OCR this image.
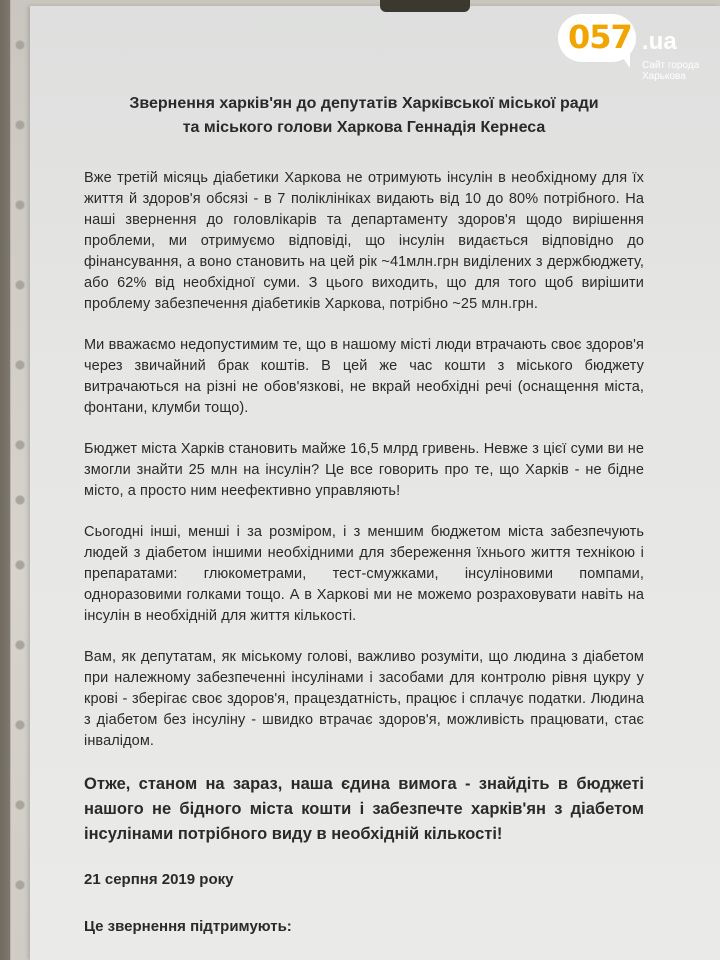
Звернення харків'ян до депутатів Харківської міської ради
та міського голови Харкова Геннадія Кернеса

Вже третій місяць діабетики Харкова не отримують інсулін в необхідному для їх життя й здоров'я обсязі - в 7 поліклініках видають від 10 до 80% потрібного. На наші звернення до головлікарів та департаменту здоров'я щодо вирішення проблеми, ми отримуємо відповіді, що інсулін видається відповідно до фінансування, а воно становить на цей рік ~41млн.грн виділених з держбюджету, або 62% від необхідної суми. З цього виходить, що для того щоб вирішити проблему забезпечення діабетиків Харкова, потрібно ~25 млн.грн.

Ми вважаємо недопустимим те, що в нашому місті люди втрачають своє здоров'я через звичайний брак коштів. В цей же час кошти з міського бюджету витрачаються на різні не обов'язкові, не вкрай необхідні речі (оснащення міста, фонтани, клумби тощо).

Бюджет міста Харків становить майже 16,5 млрд гривень. Невже з цієї суми ви не змогли знайти 25 млн на інсулін? Це все говорить про те, що Харків - не бідне місто, а просто ним неефективно управляють!

Сьогодні інші, менші і за розміром, і з меншим бюджетом міста забезпечують людей з діабетом іншими необхідними для збереження їхнього життя технікою і препаратами: глюкометрами, тест-смужками, інсуліновими помпами, одноразовими голками тощо. А в Харкові ми не можемо розраховувати навіть на інсулін в необхідній для життя кількості.

Вам, як депутатам, як міському голові, важливо розуміти, що людина з діабетом при належному забезпеченні інсулінами і засобами для контролю рівня цукру у крові - зберігає своє здоров'я, працездатність, працює і сплачує податки. Людина з діабетом без інсуліну - швидко втрачає здоров'я, можливість працювати, стає інвалідом.

Отже, станом на зараз, наша єдина вимога - знайдіть в бюджеті нашого не бідного міста кошти і забезпечте харків'ян з діабетом інсулінами потрібного виду в необхідній кількості!

21 серпня 2019 року

Це звернення підтримують:

057 .ua
Сайт города
Харькова
